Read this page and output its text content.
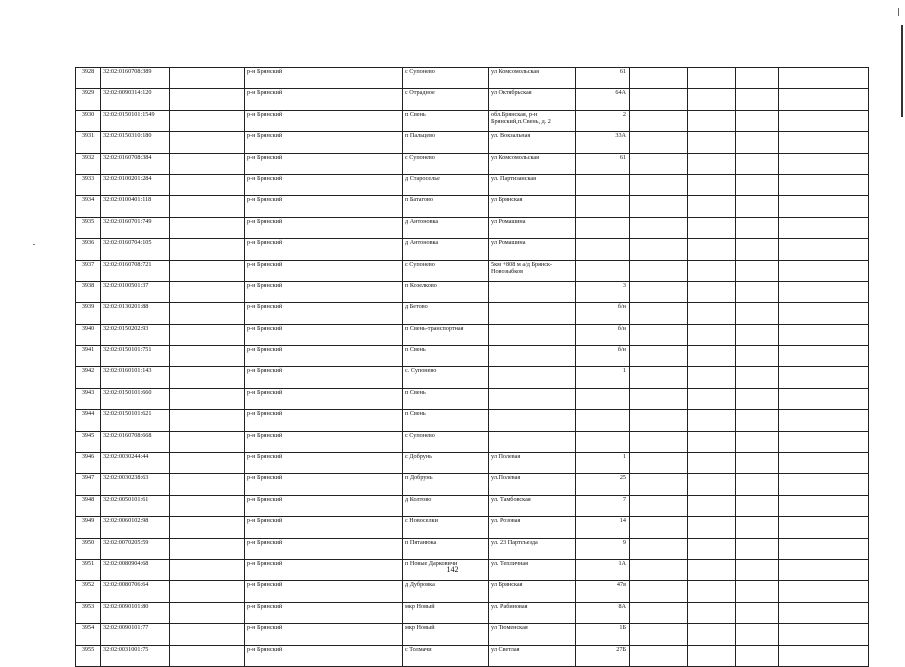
3928	32:02:0160708:389		р-н Брянский	с Супонево	ул Комсомольская	61				
3929	32:02:0090314:120		р-н Брянский	с Отрадное	ул Октябрьская	64А				
3930	32:02:0150101:1549		р-н Брянский	п Свень	обл.Брянская, р-н Брянский,п.Свень, д. 2	2				
3931	32:02:0150310:180		р-н Брянский	п Пальцево	ул. Вокзальная	33А				
3932	32:02:0160708:384		р-н Брянский	с Супонево	ул Комсомольская	61				
3933	32:02:0100201:284		р-н Брянский	д Староселье	ул. Партизанская					
3934	32:02:0100401:118		р-н Брянский	п Батагово	ул Брянская					
3935	32:02:0160701:749		р-н Брянский	д Антоновка	ул Ромашина					
3936	32:02:0160704:105		р-н Брянский	д Антоновка	ул Ромашина					
3937	32:02:0160708:721		р-н Брянский	с Супонево	5км +808 м а/д Брянск-Новозыбков					
3938	32:02:0100501:37		р-н Брянский	п Козелково		3				
3939	32:02:0130201:88		р-н Брянский	д Бетово		б/н				
3940	32:02:0150202:93		р-н Брянский	п Свень-транспортная		б/н				
3941	32:02:0150101:751		р-н Брянский	п Свень		б/н				
3942	32:02:0160101:143		р-н Брянский	с. Супонево		1				
3943	32:02:0150101:660		р-н Брянский	п Свень						
3944	32:02:0150101:621		р-н Брянский	п Свень						
3945	32:02:0160708:668		р-н Брянский	с Супонево						
3946	32:02:0030244:44		р-н Брянский	с Добрунь	ул Полевая	1				
3947	32:02:0030238:63		р-н Брянский	п Добрунь	ул.Полевая	25				
3948	32:02:0050101:61		р-н Брянский	д Колтово	ул. Тамбовская	7				
3949	32:02:0060102:98		р-н Брянский	с Новоселки	ул. Розовая	14				
3950	32:02:0070205:59		р-н Брянский	п Пятанюка	ул. 23 Партсъезда	9				
3951	32:02:0080904:68		р-н Брянский	п Новые Дарковичи	ул. Тепличная	1А				
3952	32:02:0080706:64		р-н Брянский	д Дубровка	ул Брянская	47в				
3953	32:02:0090101:80		р-н Брянский	мкр Новый	ул. Рабиновая	8А				
3954	32:02:0090101:77		р-н Брянский	мкр Новый	ул Тюменская	1Б				
3955	32:02:0031001:75		р-н Брянский	с Толмачи	ул Светлая	27Б				
142
